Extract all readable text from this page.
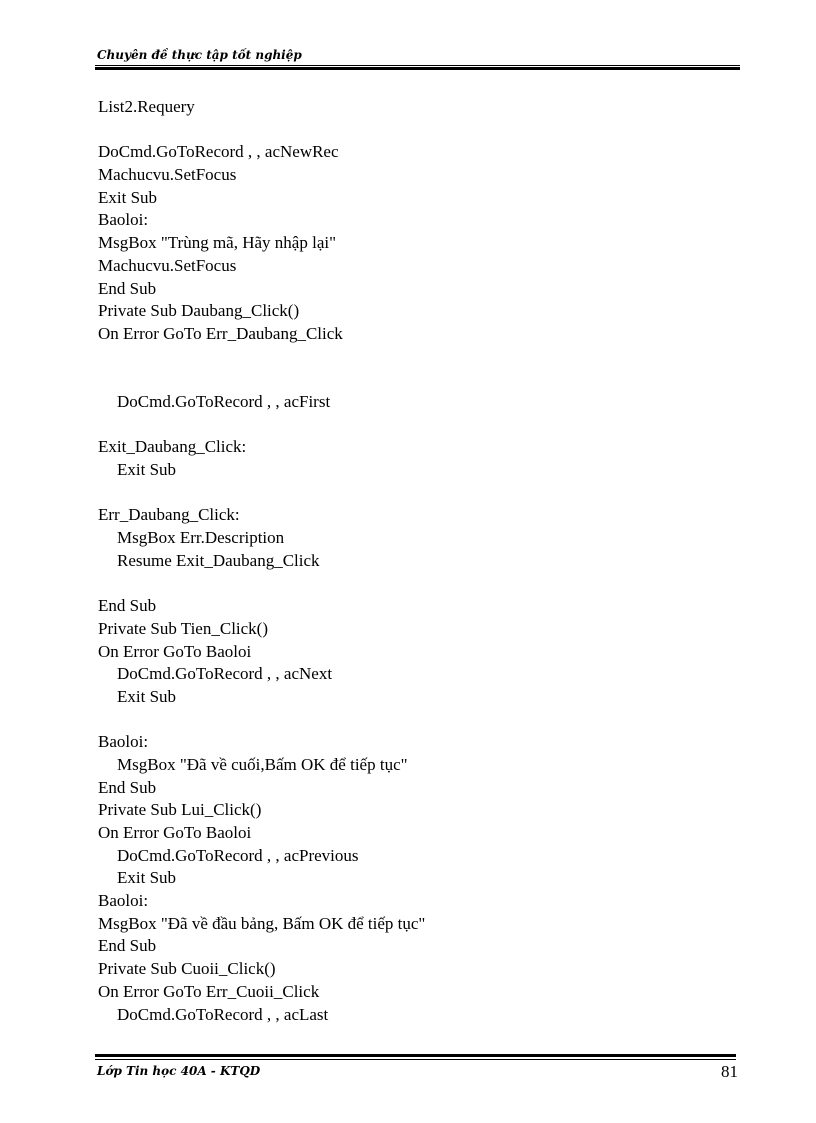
Chuyên đề thực tập tốt nghiệp
List2.Requery
DoCmd.GoToRecord , , acNewRec
Machucvu.SetFocus
Exit Sub
Baoloi:
MsgBox "Trùng mã, Hãy nhập lại"
Machucvu.SetFocus
End Sub
Private Sub Daubang_Click()
On Error GoTo Err_Daubang_Click
DoCmd.GoToRecord , , acFirst
Exit_Daubang_Click:
Exit Sub
Err_Daubang_Click:
MsgBox Err.Description
Resume Exit_Daubang_Click
End Sub
Private Sub Tien_Click()
On Error GoTo Baoloi
DoCmd.GoToRecord , , acNext
Exit Sub
Baoloi:
MsgBox "Đã về cuối,Bấm OK để tiếp tục"
End Sub
Private Sub Lui_Click()
On Error GoTo Baoloi
DoCmd.GoToRecord , , acPrevious
Exit Sub
Baoloi:
MsgBox "Đã về đầu bảng, Bấm OK để tiếp tục"
End Sub
Private Sub Cuoii_Click()
On Error GoTo Err_Cuoii_Click
DoCmd.GoToRecord , , acLast
Lớp Tin học 40A - KTQD	81
